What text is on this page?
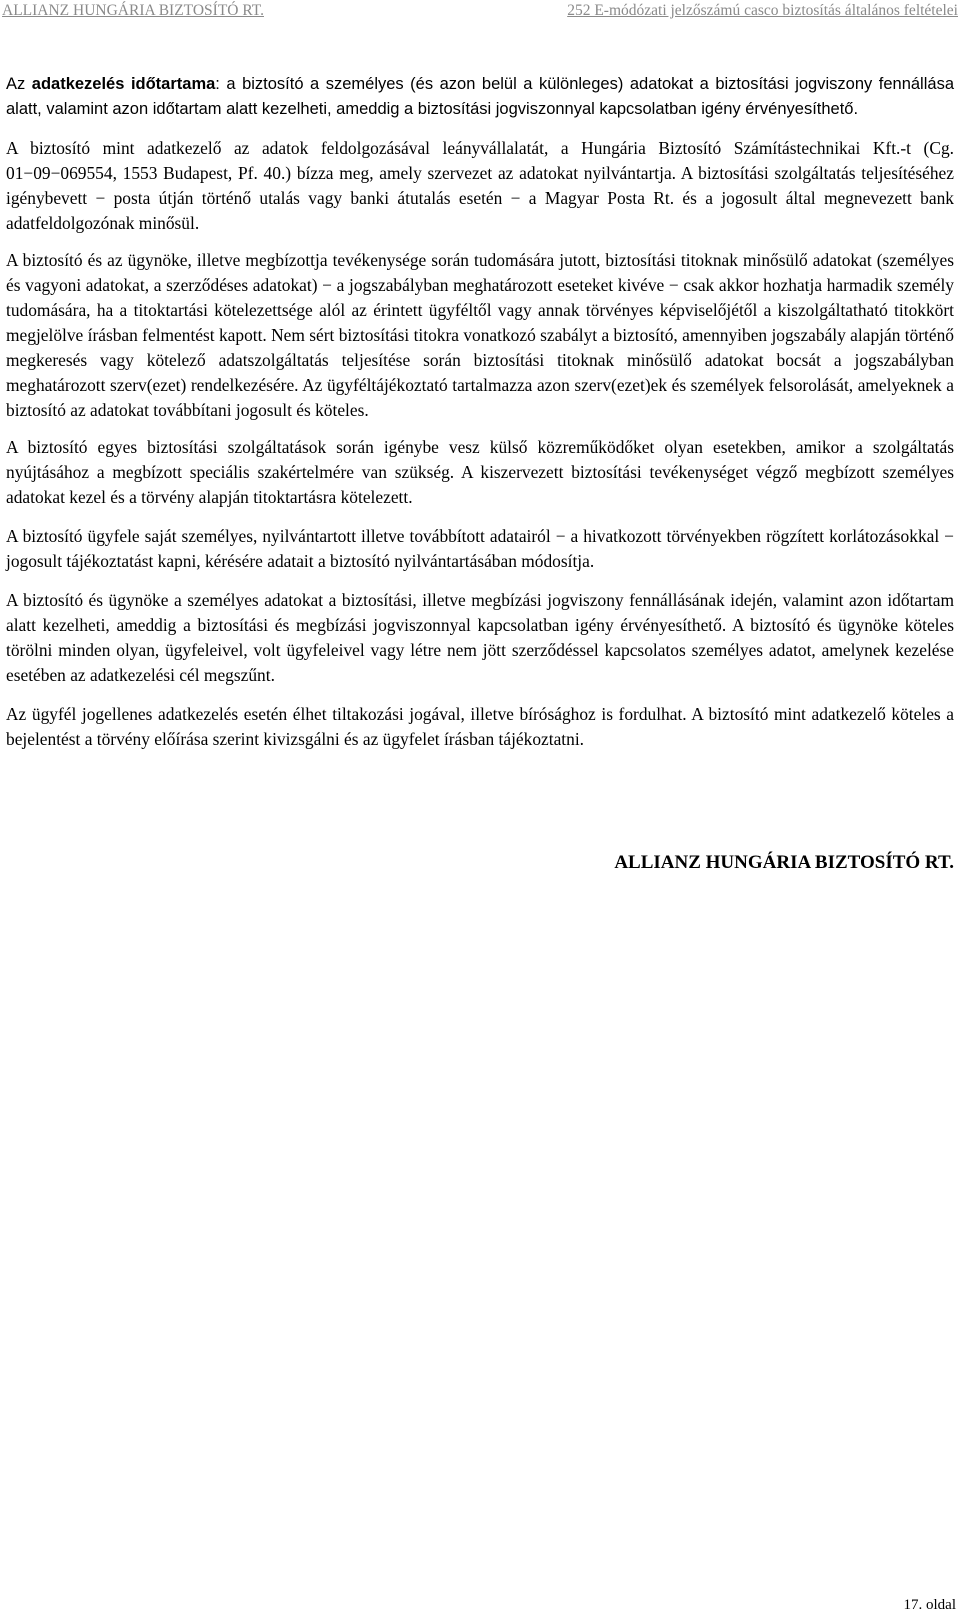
ALLIANZ HUNGÁRIA BIZTOSÍTÓ RT.	252 E-módózati jelzőszámú casco biztosítás általános feltételei

Az adatkezelés időtartama: a biztosító a személyes (és azon belül a különleges) adatokat a biztosítási jogviszony fennállása alatt, valamint azon időtartam alatt kezelheti, ameddig a biztosítási jogviszonnyal kapcsolatban igény érvényesíthető.

A biztosító mint adatkezelő az adatok feldolgozásával leányvállalatát, a Hungária Biztosító Számítástechnikai Kft.-t (Cg. 01−09−069554, 1553 Budapest, Pf. 40.) bízza meg, amely szervezet az adatokat nyilvántartja. A biztosítási szolgáltatás teljesítéséhez igénybevett − posta útján történő utalás vagy banki átutalás esetén − a Magyar Posta Rt. és a jogosult által megnevezett bank adatfeldolgozónak minősül.

A biztosító és az ügynöke, illetve megbízottja tevékenysége során tudomására jutott, biztosítási titoknak minősülő adatokat (személyes és vagyoni adatokat, a szerződéses adatokat) − a jogszabályban meghatározott eseteket kivéve − csak akkor hozhatja harmadik személy tudomására, ha a titoktartási kötelezettsége alól az érintett ügyféltől vagy annak törvényes képviselőjétől a kiszolgáltatható titokkört megjelölve írásban felmentést kapott. Nem sért biztosítási titokra vonatkozó szabályt a biztosító, amennyiben jogszabály alapján történő megkeresés vagy kötelező adatszolgáltatás teljesítése során biztosítási titoknak minősülő adatokat bocsát a jogszabályban meghatározott szerv(ezet) rendelkezésére. Az ügyféltájékoztató tartalmazza azon szerv(ezet)ek és személyek felsorolását, amelyeknek a biztosító az adatokat továbbítani jogosult és köteles.

A biztosító egyes biztosítási szolgáltatások során igénybe vesz külső közreműködőket olyan esetekben, amikor a szolgáltatás nyújtásához a megbízott speciális szakértelmére van szükség. A kiszervezett biztosítási tevékenységet végző megbízott személyes adatokat kezel és a törvény alapján titoktartásra kötelezett.

A biztosító ügyfele saját személyes, nyilvántartott illetve továbbított adatairól − a hivatkozott törvényekben rögzített korlátozásokkal − jogosult tájékoztatást kapni, kérésére adatait a biztosító nyilvántartásában módosítja.

A biztosító és ügynöke a személyes adatokat a biztosítási, illetve megbízási jogviszony fennállásának idején, valamint azon időtartam alatt kezelheti, ameddig a biztosítási és megbízási jogviszonnyal kapcsolatban igény érvényesíthető. A biztosító és ügynöke köteles törölni minden olyan, ügyfeleivel, volt ügyfeleivel vagy létre nem jött szerződéssel kapcsolatos személyes adatot, amelynek kezelése esetében az adatkezelési cél megszűnt.

Az ügyfél jogellenes adatkezelés esetén élhet tiltakozási jogával, illetve bírósághoz is fordulhat. A biztosító mint adatkezelő köteles a bejelentést a törvény előírása szerint kivizsgálni és az ügyfelet írásban tájékoztatni.

ALLIANZ HUNGÁRIA BIZTOSÍTÓ RT.
17. oldal
